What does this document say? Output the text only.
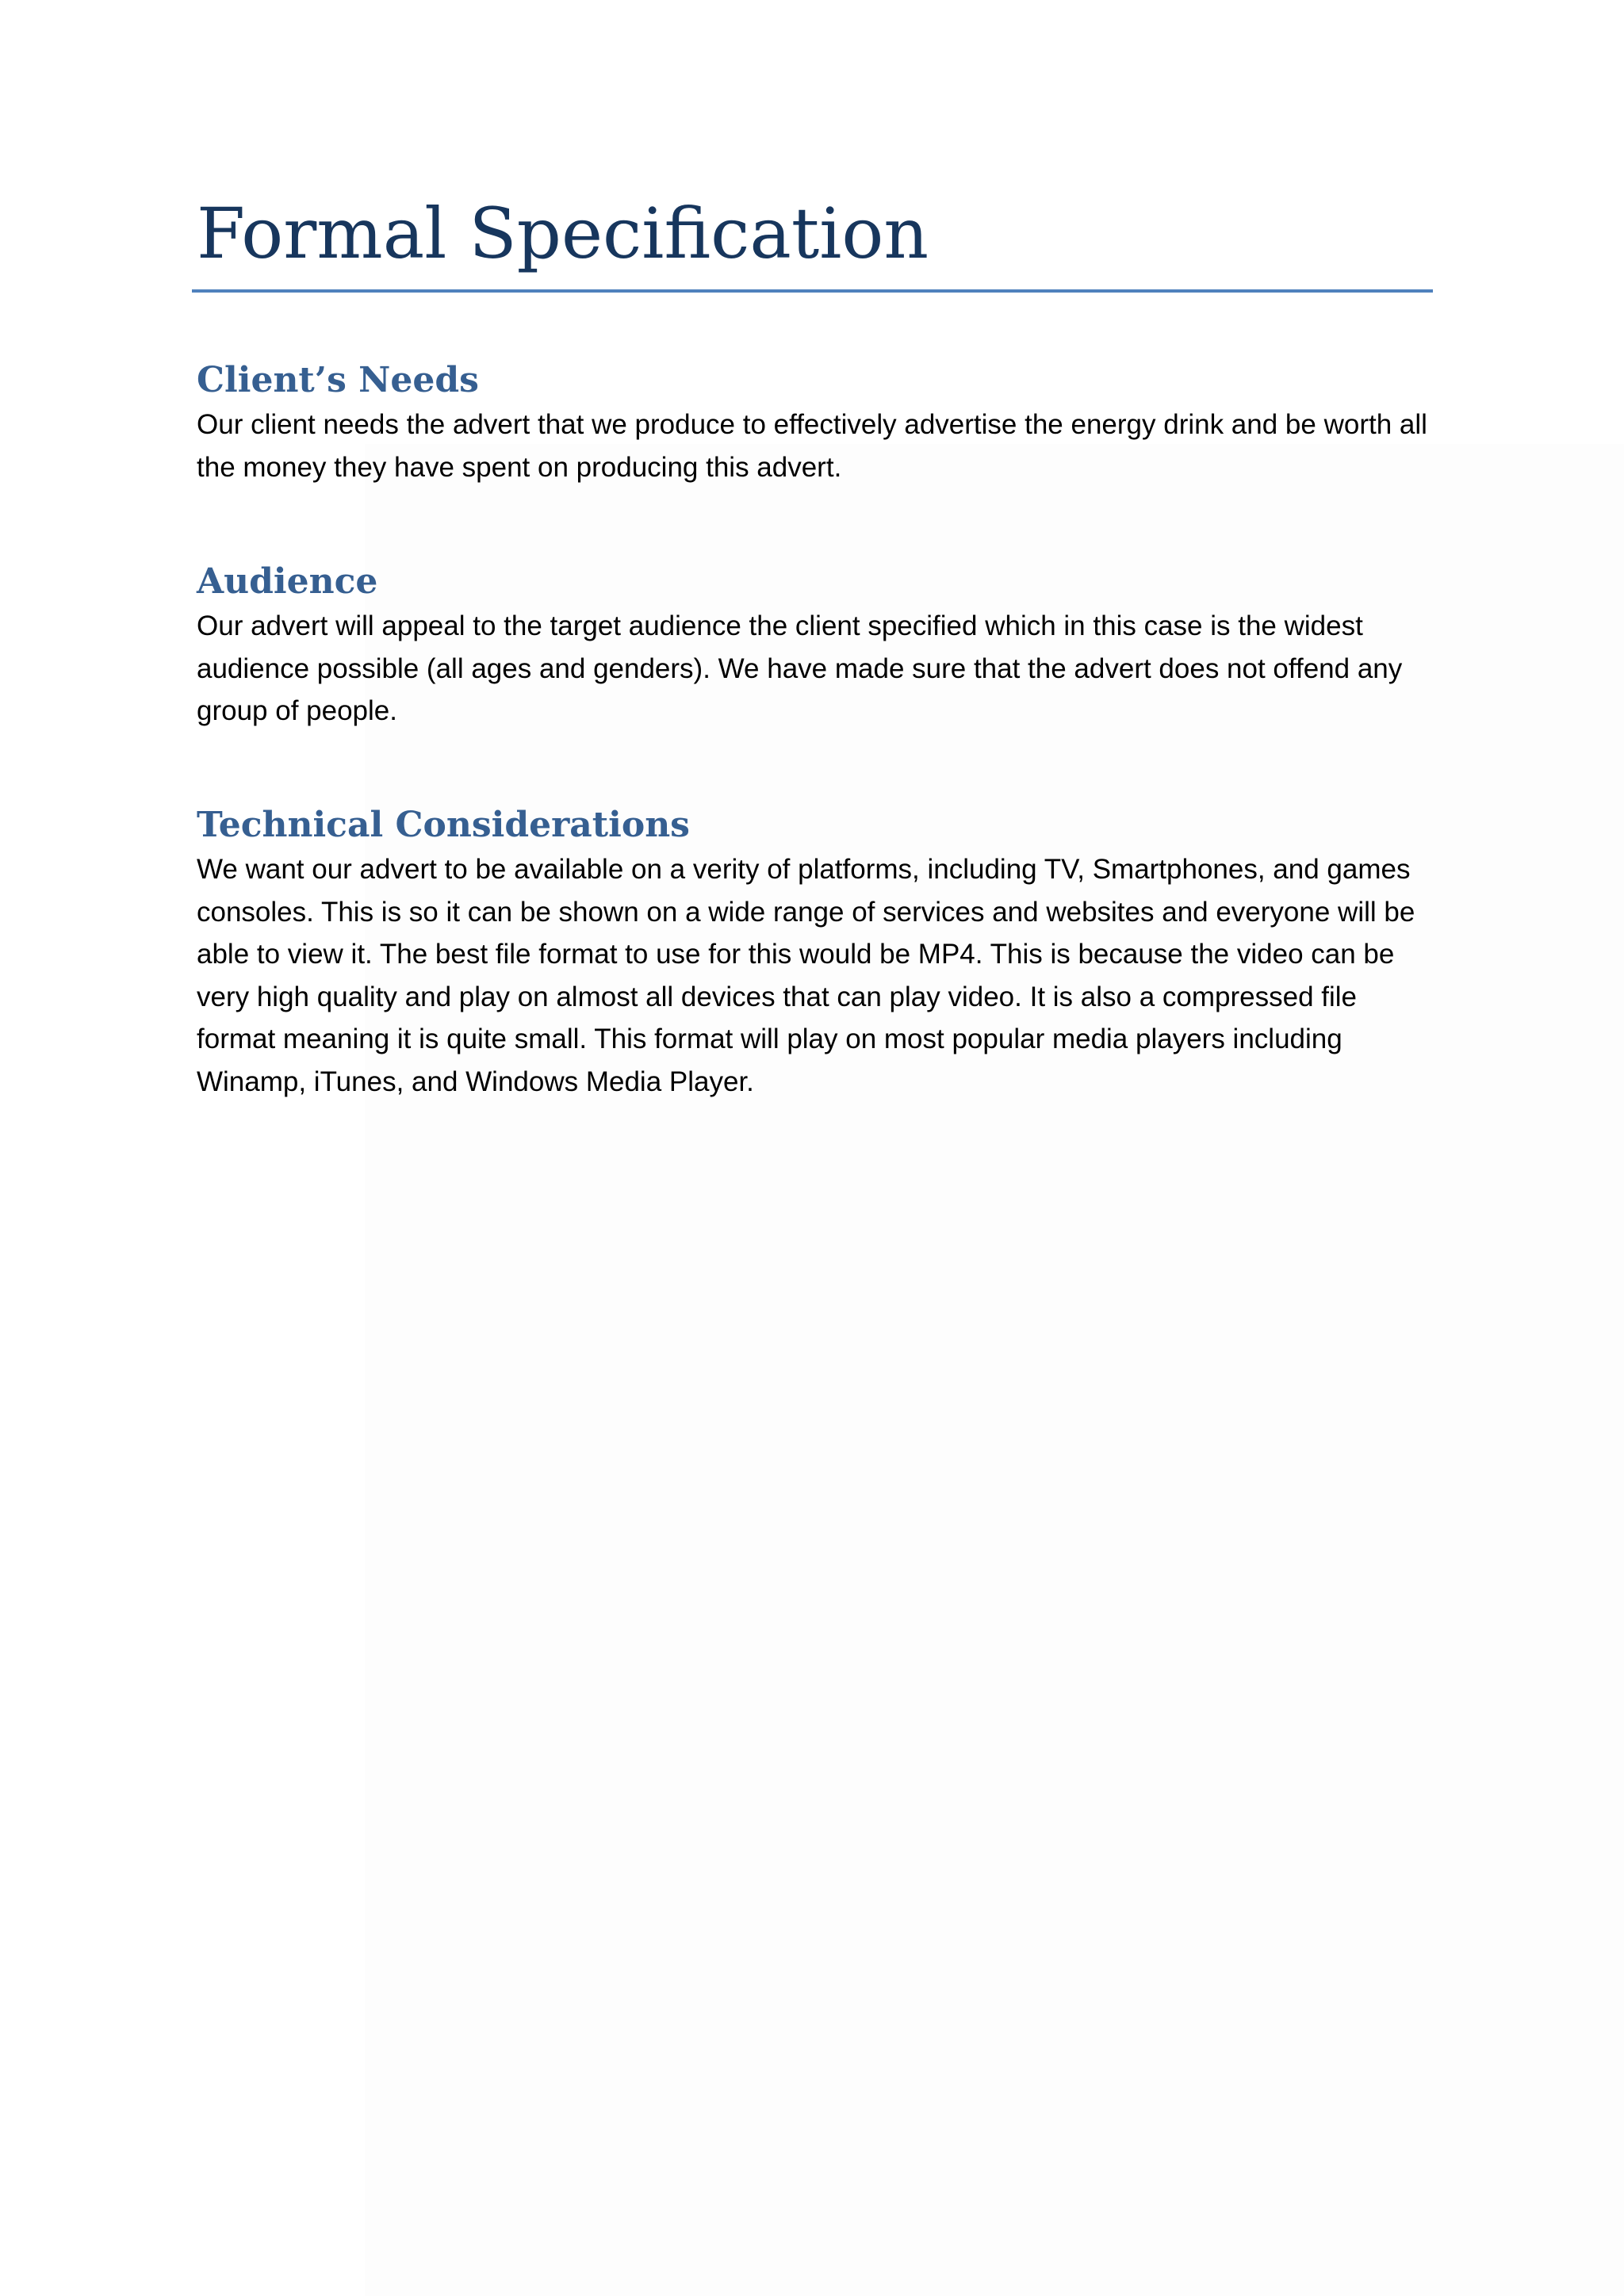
Formal Specification
Client’s Needs

Our client needs the advert that we produce to effectively advertise the energy drink and be worth all the money they have spent on producing this advert.

Audience

Our advert will appeal to the target audience the client specified which in this case is the widest audience possible (all ages and genders). We have made sure that the advert does not offend any group of people.

Technical Considerations

We want our advert to be available on a verity of platforms, including TV, Smartphones, and games consoles. This is so it can be shown on a wide range of services and websites and everyone will be able to view it. The best file format to use for this would be MP4. This is because the video can be very high quality and play on almost all devices that can play video. It is also a compressed file format meaning it is quite small. This format will play on most popular media players including Winamp, iTunes, and Windows Media Player.
